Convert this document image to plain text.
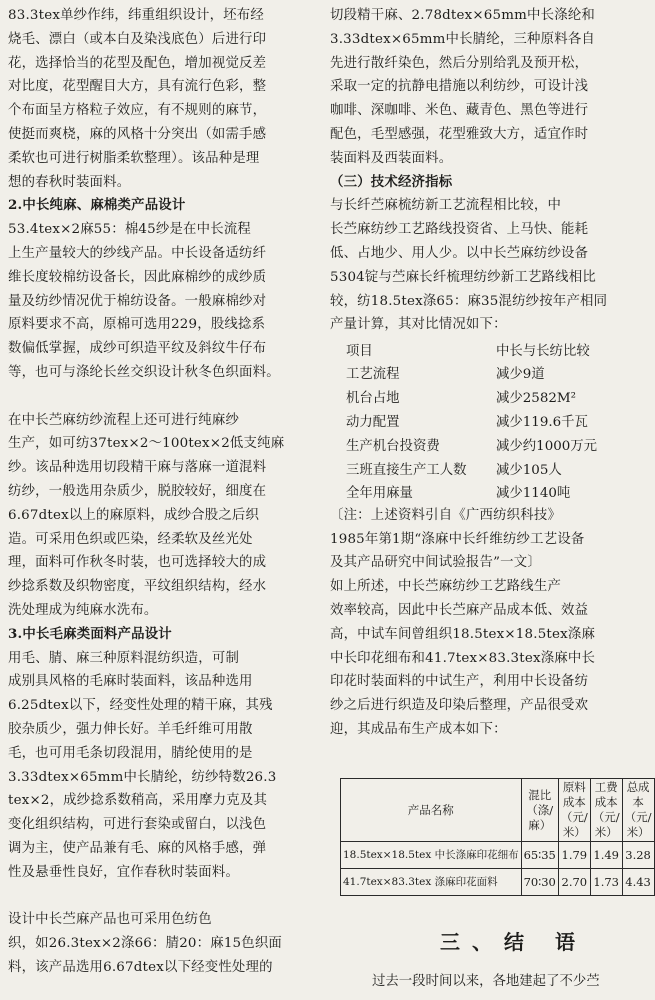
83.3tex单纱作纬，纬重组织设计，坯布经
烧毛、漂白（或本白及染浅底色）后进行印
花，选择恰当的花型及配色，增加视觉反差
对比度，花型醒目大方，具有流行色彩，整
个布面呈方格粒子效应，有不规则的麻节，
使挺而爽桡，麻的风格十分突出（如需手感
柔软也可进行树脂柔软整理）。该品种是理
想的春秋时装面料。
2.中长纯麻、麻棉类产品设计
53.4tex×2麻55：棉45纱是在中长流程
上生产量较大的纱线产品。中长设备适纺纤
维长度较棉纺设备长，因此麻棉纱的成纱质
量及纺纱情况优于棉纺设备。一般麻棉纱对
原料要求不高，原棉可选用229，股线捻系
数偏低掌握，成纱可织造平纹及斜纹牛仔布
等，也可与涤纶长丝交织设计秋冬色织面料。
在中长苎麻纺纱流程上还可进行纯麻纱
生产，如可纺37tex×2～100tex×2低支纯麻
纱。该品种选用切段精干麻与落麻一道混料
纺纱，一般选用杂质少，脱胶较好，细度在
6.67dtex以上的麻原料，成纱合股之后织
造。可采用色织或匹染，经柔软及丝光处
理，面料可作秋冬时装，也可选择较大的成
纱捻系数及织物密度，平纹组织结构，经水
洗处理成为纯麻水洗布。
3.中长毛麻类面料产品设计
用毛、腈、麻三种原料混纺织造，可制
成别具风格的毛麻时装面料，该品种选用
6.25dtex以下，经变性处理的精干麻，其残
胶杂质少，强力伸长好。羊毛纤维可用散
毛，也可用毛条切段混用，腈纶使用的是
3.33dtex×65mm中长腈纶，纺纱特数26.3
tex×2，成纱捻系数稍高，采用摩力克及其
变化组织结构，可进行套染或留白，以浅色
调为主，使产品兼有毛、麻的风格手感，弹
性及悬垂性良好，宜作春秋时装面料。
设计中长苎麻产品也可采用色纺色
织，如26.3tex×2涤66：腈20：麻15色织面
料，该产品选用6.67dtex以下经变性处理的
切段精干麻、2.78dtex×65mm中长涤纶和
3.33dtex×65mm中长腈纶，三种原料各自
先进行散纤染色，然后分别给乳及预开松，
采取一定的抗静电措施以利纺纱，可设计浅
咖啡、深咖啡、米色、藏青色、黑色等进行
配色，毛型感强，花型雅致大方，适宜作时
装面料及西装面料。
（三）技术经济指标
与长纤苎麻梳纺新工艺流程相比较，中
长苎麻纺纱工艺路线投资省、上马快、能耗
低、占地少、用人少。以中长苎麻纺纱设备
5304锭与苎麻长纤梳理纺纱新工艺路线相比
较，纺18.5tex涤65：麻35混纺纱按年产相同
产量计算，其对比情况如下：
项目	中长与长纺比较
工艺流程	减少9道
机台占地	减少2582M²
动力配置	减少119.6千瓦
生产机台投资费	减少约1000万元
三班直接生产工人数	减少105人
全年用麻量	减少1140吨
〔注：上述资料引自《广西纺织科技》
1985年第1期“涤麻中长纤维纺纱工艺设备
及其产品研究中间试验报告”一文〕
如上所述，中长苎麻纺纱工艺路线生产
效率较高，因此中长苎麻产品成本低、效益
高，中试车间曾组织18.5tex×18.5tex涤麻
中长印花细布和41.7tex×83.3tex涤麻中长
印花时装面料的中试生产，利用中长设备纺
纱之后进行织造及印染后整理，产品很受欢
迎，其成品布生产成本如下：
产品名称	混比（涤/麻）	原料成本（元/米）	工费成本（元/米）	总成本（元/米）
18.5tex×18.5tex 中长涤麻印花细布	65∶35	1.79	1.49	3.28
41.7tex×83.3tex 涤麻印花面料	70∶30	2.70	1.73	4.43
三、结 语
过去一段时间以来，各地建起了不少苎
